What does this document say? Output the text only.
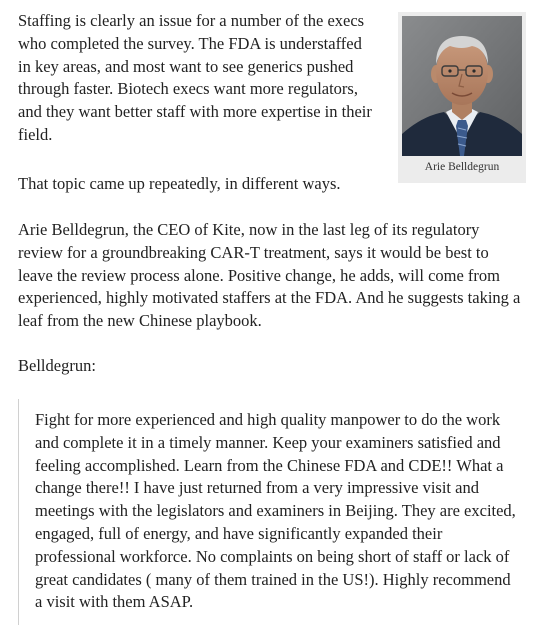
Staffing is clearly an issue for a number of the execs who completed the survey. The FDA is understaffed in key areas, and most want to see generics pushed through faster. Biotech execs want more regulators, and they want better staff with more expertise in their field.

That topic came up repeatedly, in different ways.

Arie Belldegrun, the CEO of Kite, now in the last leg of its regulatory review for a groundbreaking CAR-T treatment, says it would be best to leave the review process alone. Positive change, he adds, will come from experienced, highly motivated staffers at the FDA. And he suggests taking a leaf from the new Chinese playbook.

Belldegrun:

Fight for more experienced and high quality manpower to do the work and complete it in a timely manner. Keep your examiners satisfied and feeling accomplished. Learn from the Chinese FDA and CDE!! What a change there!! I have just returned from a very impressive visit and meetings with the legislators and examiners in Beijing. They are excited, engaged, full of energy, and have significantly expanded their professional workforce. No complaints on being short of staff or lack of great candidates ( many of them trained in the US!). Highly recommend a visit with them ASAP.

Arie Belldegrun
